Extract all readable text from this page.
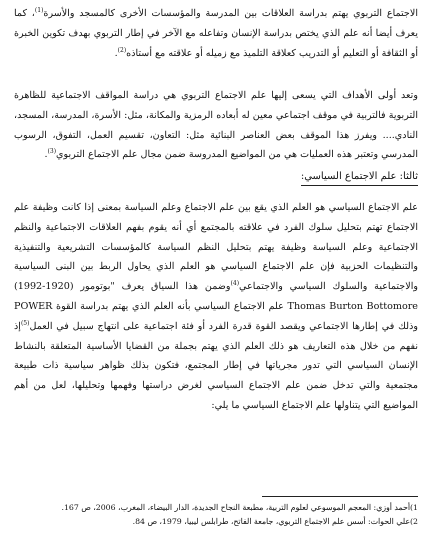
الاجتماع التربوي يهتم بدراسة العلاقات بين المدرسة والمؤسسات الأخرى كالمسجد والأسرة$^{(1)}$، كما يعرف أيضا أنه علم الذي يختص بدراسة الإنسان وتفاعله مع الآخر في إطار التربوي بهدف تكوين الخبرة أو الثقافة أو التعليم أو التدريب كعلاقة التلميذ مع زميله أو علاقته مع أستاذه$^{(2)}$.

وتعد أولى الأهداف التي يسعى إليها علم الاجتماع التربوي هي دراسة المواقف الاجتماعية للظاهرة التربوية فالتربية في موقف اجتماعي معين له أبعاده الرمزية والمكانة، مثل: الأسرة، المدرسة، المسجد، النادي.... ويفرز هذا الموقف بعض العناصر البنائية مثل: التعاون، تقسيم العمل، التفوق، الرسوب المدرسي وتعتبر هذه العمليات هي من المواضيع المدروسة ضمن مجال علم الاجتماع التربوي$^{(3)}$.

ثالثا: علم الاجتماع السياسي:

علم الاجتماع السياسي هو العلم الذي يقع بين علم الاجتماع وعلم السياسة بمعنى إذا كانت وظيفة علم الاجتماع تهتم بتحليل سلوك الفرد في علاقته بالمجتمع أي أنه يقوم بفهم العلاقات الاجتماعية والنظم الاجتماعية وعلم السياسة وظيفة يهتم بتحليل النظم السياسة كالمؤسسات التشريعية والتنفيذية والتنظيمات الحزبية فإن علم الاجتماع السياسي هو العلم الذي يحاول الربط بين البنى السياسية والاجتماعية والسلوك السياسي والاجتماعي$^{(4)}$وضمن هذا السياق يعرف "بوتومور (1920-1992) Thomas Burton Bottomore علم الاجتماع السياسي بأنه العلم الذي يهتم بدراسة القوة POWER وذلك في إطارها الاجتماعي ويقصد القوة قدرة الفرد أو فئة اجتماعية على انتهاج سبيل في العمل$^{(5)}$إذ نفهم من خلال هذه التعاريف هو ذلك العلم الذي يهتم بجملة من القضايا الأساسية المتعلقة بالنشاط الإنسان السياسي التي تدور مجرياتها في إطار المجتمع، فتكون بذلك ظواهر سياسية ذات طبيعة مجتمعية والتي تدخل ضمن علم الاجتماع السياسي لغرض دراستها وفهمها وتحليلها، لعل من أهم المواضيع التي يتناولها علم الاجتماع السياسي ما يلي:

1)أحمد أوزي: المعجم الموسوعي لعلوم التربية، مطبعة النجاح الجديدة، الدار البيضاء، المغرب، 2006، ص 167.
2)علي الحوات: أسس علم الاجتماع التربوي، جامعة الفاتح، طرابلس ليبيا، 1979، ص 84.
